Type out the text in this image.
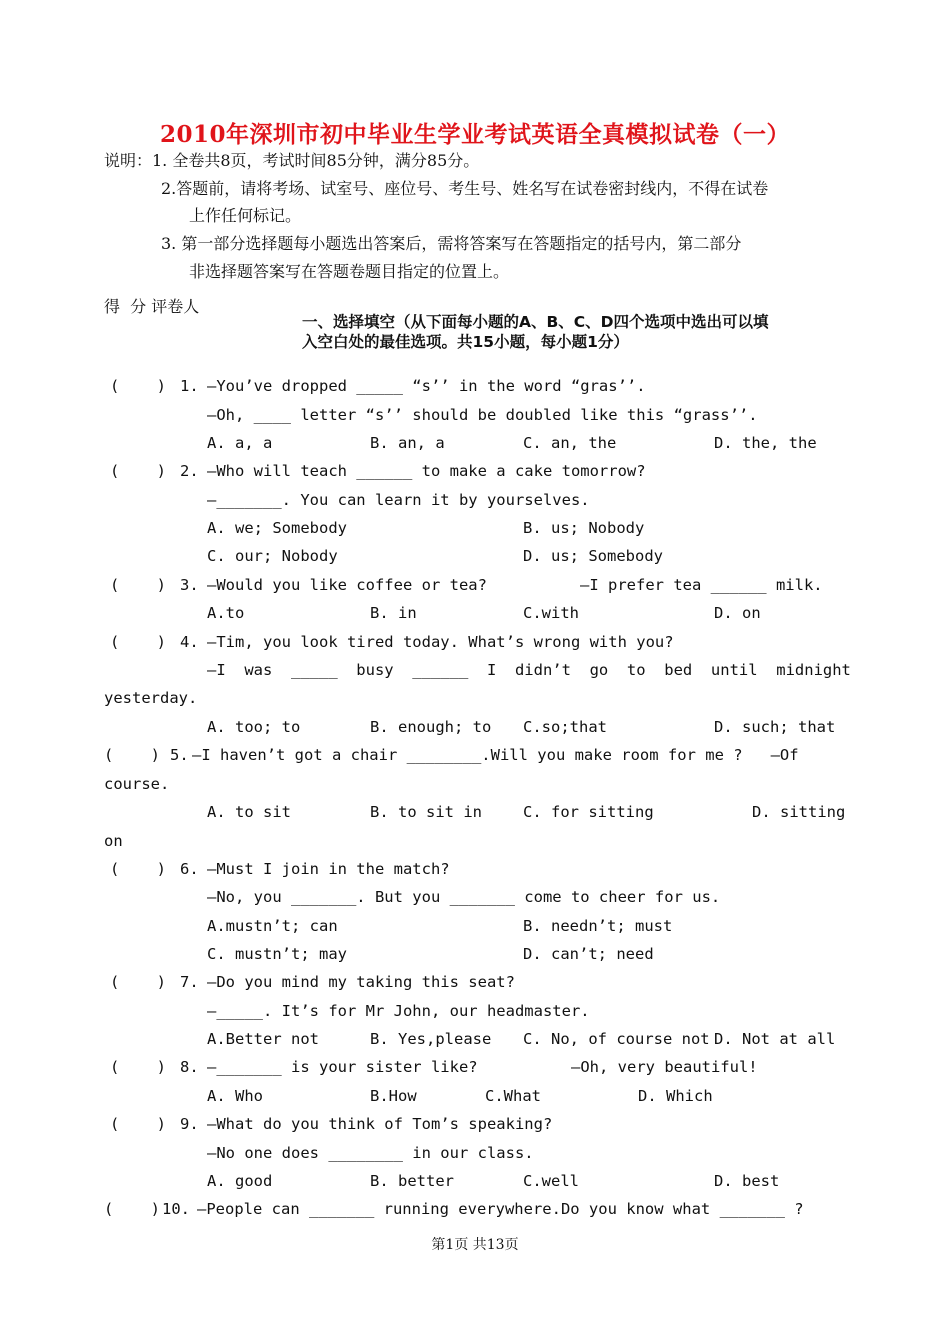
2010年深圳市初中毕业生学业考试英语全真模拟试卷（一）
说明：1. 全卷共8页，考试时间85分钟，满分85分。
2.答题前，请将考场、试室号、座位号、考生号、姓名写在试卷密封线内，不得在试卷
上作任何标记。
3. 第一部分选择题每小题选出答案后，需将答案写在答题指定的括号内，第二部分
非选择题答案写在答题卷题目指定的位置上。
得  分 评卷人
一、选择填空（从下面每小题的A、B、C、D四个选项中选出可以填
入空白处的最佳选项。共15小题，每小题1分）
(    ) 1. —You’ve dropped _____ “s’’ in the word “gras’’.
—Oh, ____ letter “s’’ should be doubled like this “grass’’.
A. a, a	B. an, a	C. an, the	D. the, the
(    ) 2. —Who will teach ______ to make a cake tomorrow?
—_______. You can learn it by yourselves.
A. we; Somebody	B. us; Nobody
C. our; Nobody	D. us; Somebody
(    ) 3. —Would you like coffee or tea?	—I prefer tea ______ milk.
A.to	B. in	C.with	D. on
(    ) 4. —Tim, you look tired today. What’s wrong with you?
—I  was  _____  busy  ______  I  didn’t  go  to  bed  until  midnight
yesterday.
A. too; to	B. enough; to C.so;that	D. such; that
(    ) 5. —I haven’t got a chair ________.Will you make room for me ?   —Of
course.
A. to sit	B. to sit in	C. for sitting	D. sitting
on
(    ) 6. —Must I join in the match?
—No, you _______. But you _______ come to cheer for us.
A.mustn’t; can	B. needn’t; must
C. mustn’t; may	D. can’t; need
(    ) 7. —Do you mind my taking this seat?
—_____. It’s for Mr John, our headmaster.
A.Better not	B. Yes,please C. No, of course not D. Not at all
(    ) 8. —_______ is your sister like?	—Oh, very beautiful!
A. Who	B.How	C.What	D. Which
(    ) 9. —What do you think of Tom’s speaking?
—No one does ________ in our class.
A. good	B. better	C.well	D. best
(    ) 10. —People can _______ running everywhere.Do you know what _______ ?
第1页 共13页
